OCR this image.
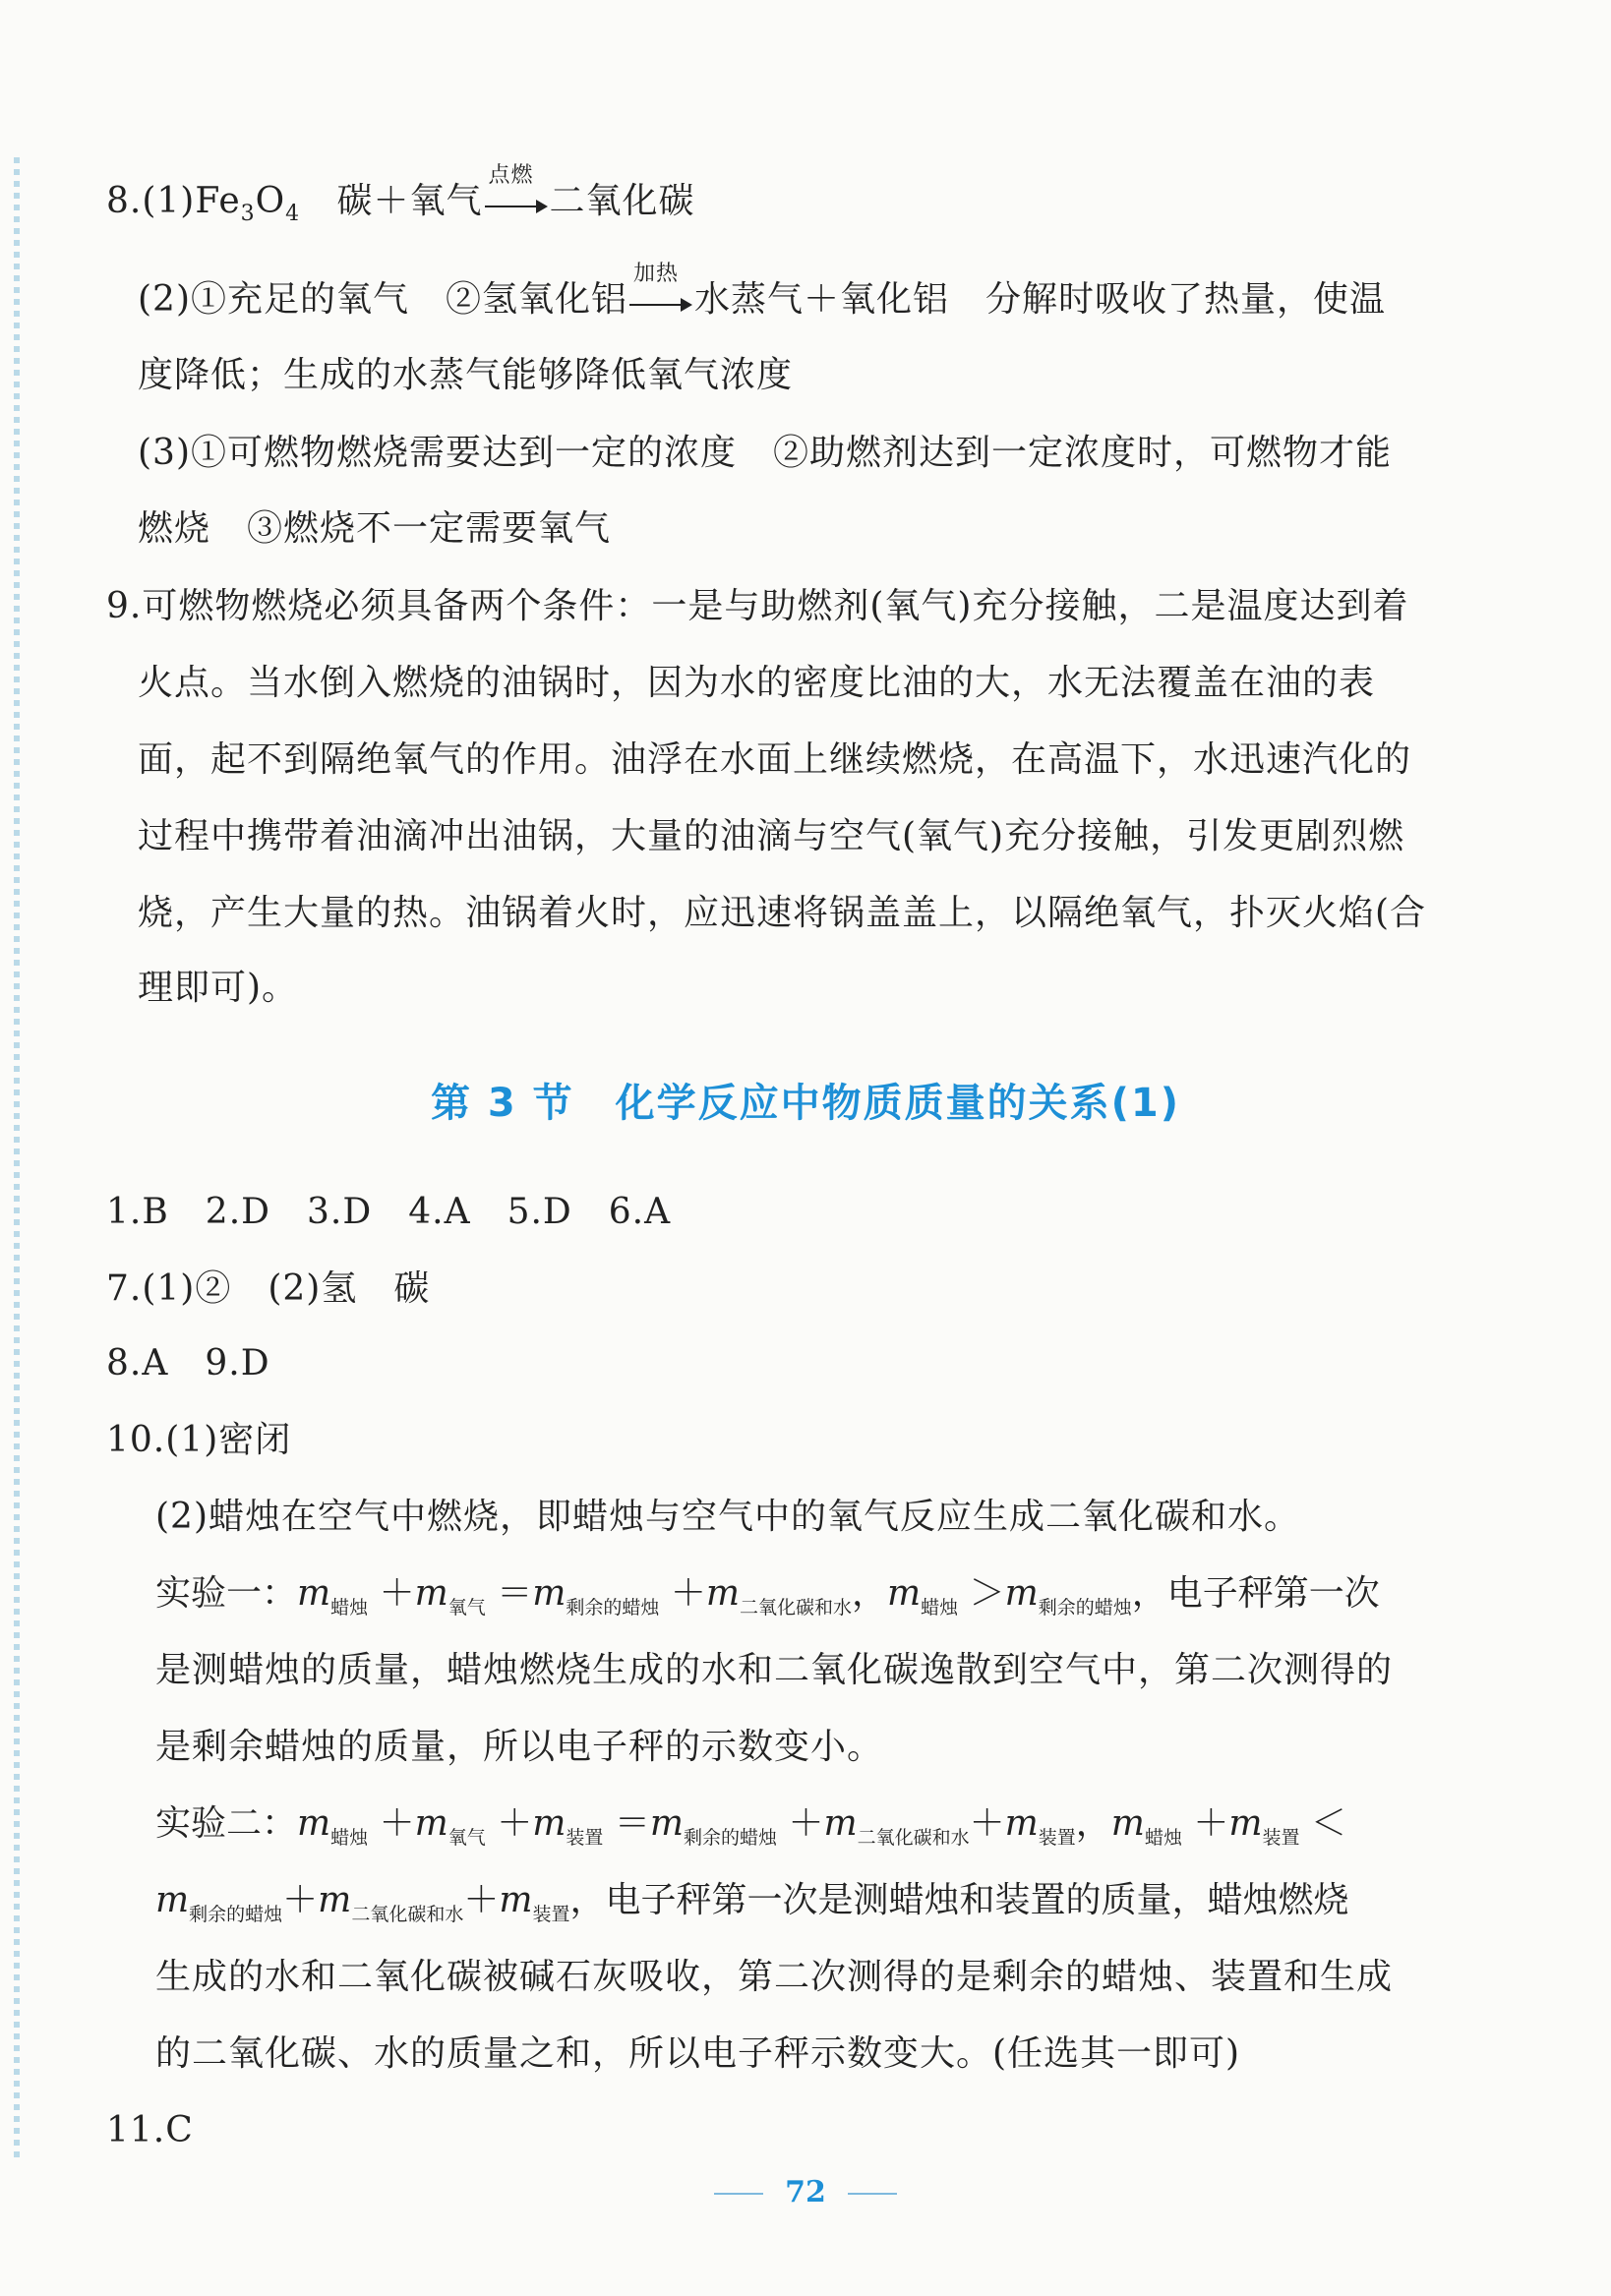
$8.(1)Fe_3O_4$ 碳＋氧气
点燃
二氧化碳
(2)①充足的氧气　②氢氧化铝
加热
水蒸气＋氧化铝　分解时吸收了热量，使温
度降低；生成的水蒸气能够降低氧气浓度
(3)①可燃物燃烧需要达到一定的浓度　②助燃剂达到一定浓度时，可燃物才能
燃烧　③燃烧不一定需要氧气
9.可燃物燃烧必须具备两个条件：一是与助燃剂(氧气)充分接触，二是温度达到着
火点。当水倒入燃烧的油锅时，因为水的密度比油的大，水无法覆盖在油的表
面，起不到隔绝氧气的作用。油浮在水面上继续燃烧，在高温下，水迅速汽化的
过程中携带着油滴冲出油锅，大量的油滴与空气(氧气)充分接触，引发更剧烈燃
烧，产生大量的热。油锅着火时，应迅速将锅盖盖上，以隔绝氧气，扑灭火焰(合
理即可)。
第 3 节　化学反应中物质质量的关系(1)
1.B　2.D　3.D　4.A　5.D　6.A
7.(1)②　(2)氢　碳
8.A　9.D
10.(1)密闭
(2)蜡烛在空气中燃烧，即蜡烛与空气中的氧气反应生成二氧化碳和水。
实验一：$m_{蜡烛} +m_{氧气} =m_{剩余的蜡烛} +m_{二氧化碳和水}$，$m_{蜡烛} >m_{剩余的蜡烛}$，电子秤第一次
是测蜡烛的质量，蜡烛燃烧生成的水和二氧化碳逸散到空气中，第二次测得的
是剩余蜡烛的质量，所以电子秤的示数变小。
实验二：$m_{蜡烛} +m_{氧气} +m_{装置} =m_{剩余的蜡烛} +m_{二氧化碳和水}+m_{装置}$，$m_{蜡烛} +m_{装置}$ ＜
$m_{剩余的蜡烛}+m_{二氧化碳和水}+m_{装置}$，电子秤第一次是测蜡烛和装置的质量，蜡烛燃烧
生成的水和二氧化碳被碱石灰吸收，第二次测得的是剩余的蜡烛、装置和生成
的二氧化碳、水的质量之和，所以电子秤示数变大。(任选其一即可)
11.C
72
